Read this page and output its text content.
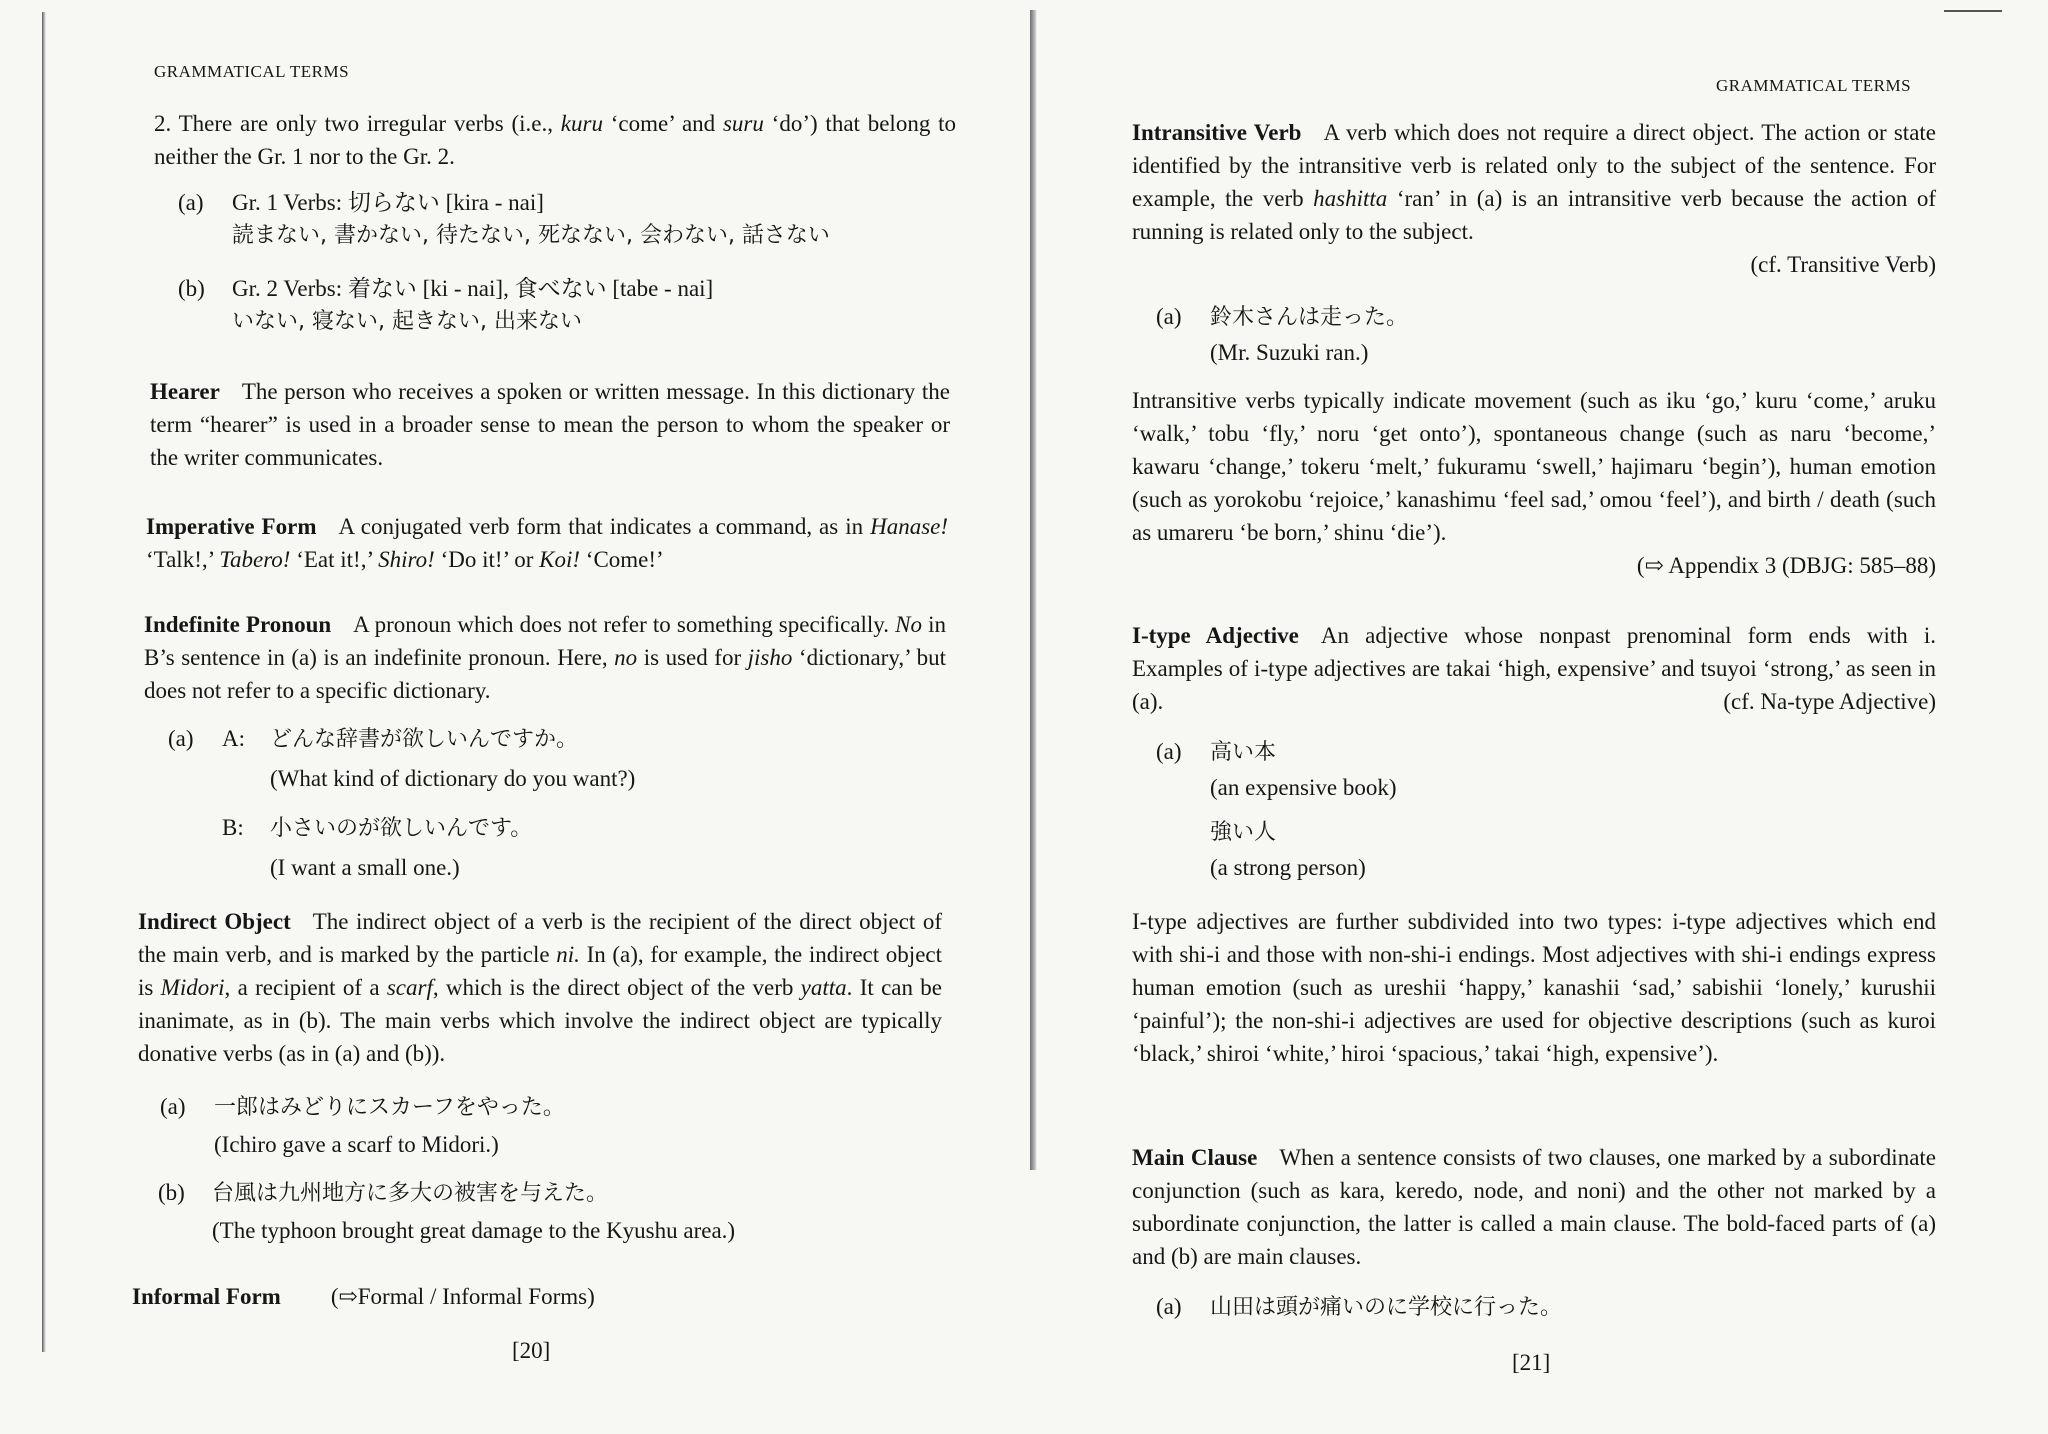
GRAMMATICAL TERMS

2. There are only two irregular verbs (i.e., kuru ‘come’ and suru ‘do’) that belong to neither the Gr. 1 nor to the Gr. 2.

(a) Gr. 1 Verbs: 切らない [kira - nai]
読まない, 書かない, 待たない, 死なない, 会わない, 話さない
(b) Gr. 2 Verbs: 着ない [ki - nai], 食べない [tabe - nai]
いない, 寝ない, 起きない, 出来ない

Hearer The person who receives a spoken or written message. In this dictionary the term “hearer” is used in a broader sense to mean the person to whom the speaker or the writer communicates.

Imperative Form A conjugated verb form that indicates a command, as in Hanase! ‘Talk!,’ Tabero! ‘Eat it!,’ Shiro! ‘Do it!’ or Koi! ‘Come!’

Indefinite Pronoun A pronoun which does not refer to something specifically. No in B’s sentence in (a) is an indefinite pronoun. Here, no is used for jisho ‘dictionary,’ but does not refer to a specific dictionary.

(a) A: どんな辞書が欲しいんですか。
(What kind of dictionary do you want?)
B: 小さいのが欲しいんです。
(I want a small one.)

Indirect Object The indirect object of a verb is the recipient of the direct object of the main verb, and is marked by the particle ni. In (a), for example, the indirect object is Midori, a recipient of a scarf, which is the direct object of the verb yatta. It can be inanimate, as in (b). The main verbs which involve the indirect object are typically donative verbs (as in (a) and (b)).

(a) 一郎はみどりにスカーフをやった。
(Ichiro gave a scarf to Midori.)
(b) 台風は九州地方に多大の被害を与えた。
(The typhoon brought great damage to the Kyushu area.)
Informal Form (⇨Formal / Informal Forms)
[20]
GRAMMATICAL TERMS

Intransitive Verb A verb which does not require a direct object. The action or state identified by the intransitive verb is related only to the subject of the sentence. For example, the verb hashitta ‘ran’ in (a) is an intransitive verb because the action of running is related only to the subject.

(cf. Transitive Verb)

(a) 鈴木さんは走った。
(Mr. Suzuki ran.)

Intransitive verbs typically indicate movement (such as iku ‘go,’ kuru ‘come,’ aruku ‘walk,’ tobu ‘fly,’ noru ‘get onto’), spontaneous change (such as naru ‘become,’ kawaru ‘change,’ tokeru ‘melt,’ fukuramu ‘swell,’ hajimaru ‘begin’), human emotion (such as yorokobu ‘rejoice,’ kanashimu ‘feel sad,’ omou ‘feel’), and birth / death (such as umareru ‘be born,’ shinu ‘die’).

(⇨ Appendix 3 (DBJG: 585–88)

I-type Adjective An adjective whose nonpast prenominal form ends with i. Examples of i-type adjectives are takai ‘high, expensive’ and tsuyoi ‘strong,’ as seen in (a).	(cf. Na-type Adjective)

(a) 高い本
(an expensive book)
強い人
(a strong person)

I-type adjectives are further subdivided into two types: i-type adjectives which end with shi-i and those with non-shi-i endings. Most adjectives with shi-i endings express human emotion (such as ureshii ‘happy,’ kanashii ‘sad,’ sabishii ‘lonely,’ kurushii ‘painful’); the non-shi-i adjectives are used for objective descriptions (such as kuroi ‘black,’ shiroi ‘white,’ hiroi ‘spacious,’ takai ‘high, expensive’).

Main Clause When a sentence consists of two clauses, one marked by a subordinate conjunction (such as kara, keredo, node, and noni) and the other not marked by a subordinate conjunction, the latter is called a main clause. The bold-faced parts of (a) and (b) are main clauses.

(a) 山田は頭が痛いのに学校に行った。
[21]
